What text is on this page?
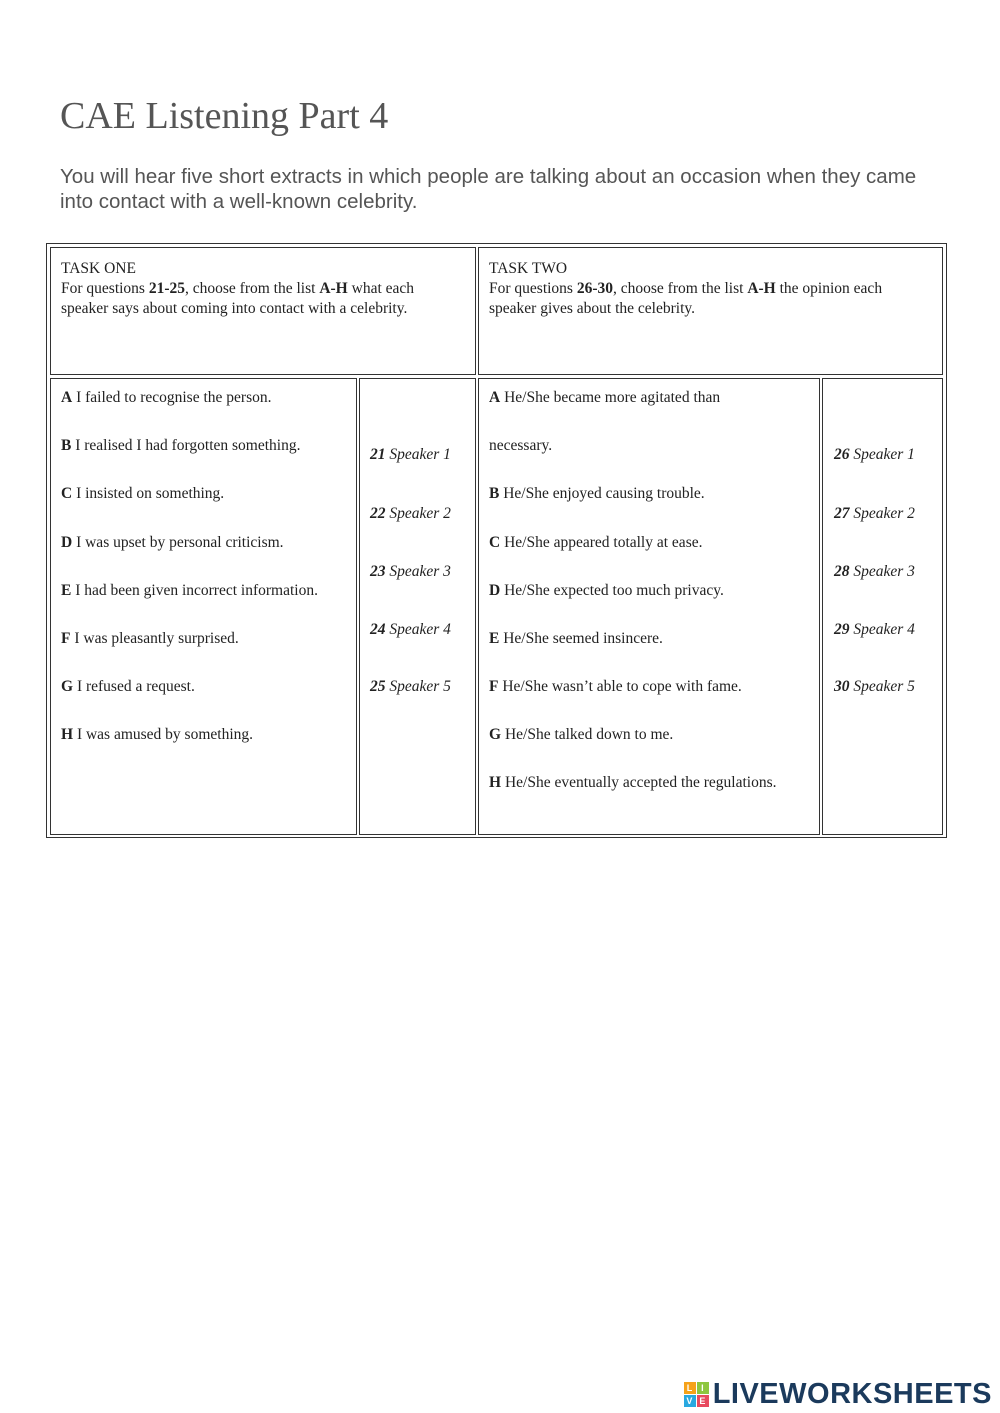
CAE Listening Part 4

You will hear five short extracts in which people are talking about an occasion when they came into contact with a well-known celebrity.

TASK ONE
For questions 21-25, choose from the list A-H what each speaker says about coming into contact with a celebrity.
TASK TWO
For questions 26-30, choose from the list A-H the opinion each speaker gives about the celebrity.
A I failed to recognise the person.
B I realised I had forgotten something.
C I insisted on something.
D I was upset by personal criticism.
E I had been given incorrect information.
F I was pleasantly surprised.
G I refused a request.
H I was amused by something.
21 Speaker 1
22 Speaker 2
23 Speaker 3
24 Speaker 4
25 Speaker 5
A He/She became more agitated than
necessary.
B He/She enjoyed causing trouble.
C He/She appeared totally at ease.
D He/She expected too much privacy.
E He/She seemed insincere.
F He/She wasn’t able to cope with fame.
G He/She talked down to me.
H He/She eventually accepted the regulations.
26 Speaker 1
27 Speaker 2
28 Speaker 3
29 Speaker 4
30 Speaker 5
L I
V E LIVEWORKSHEETS
